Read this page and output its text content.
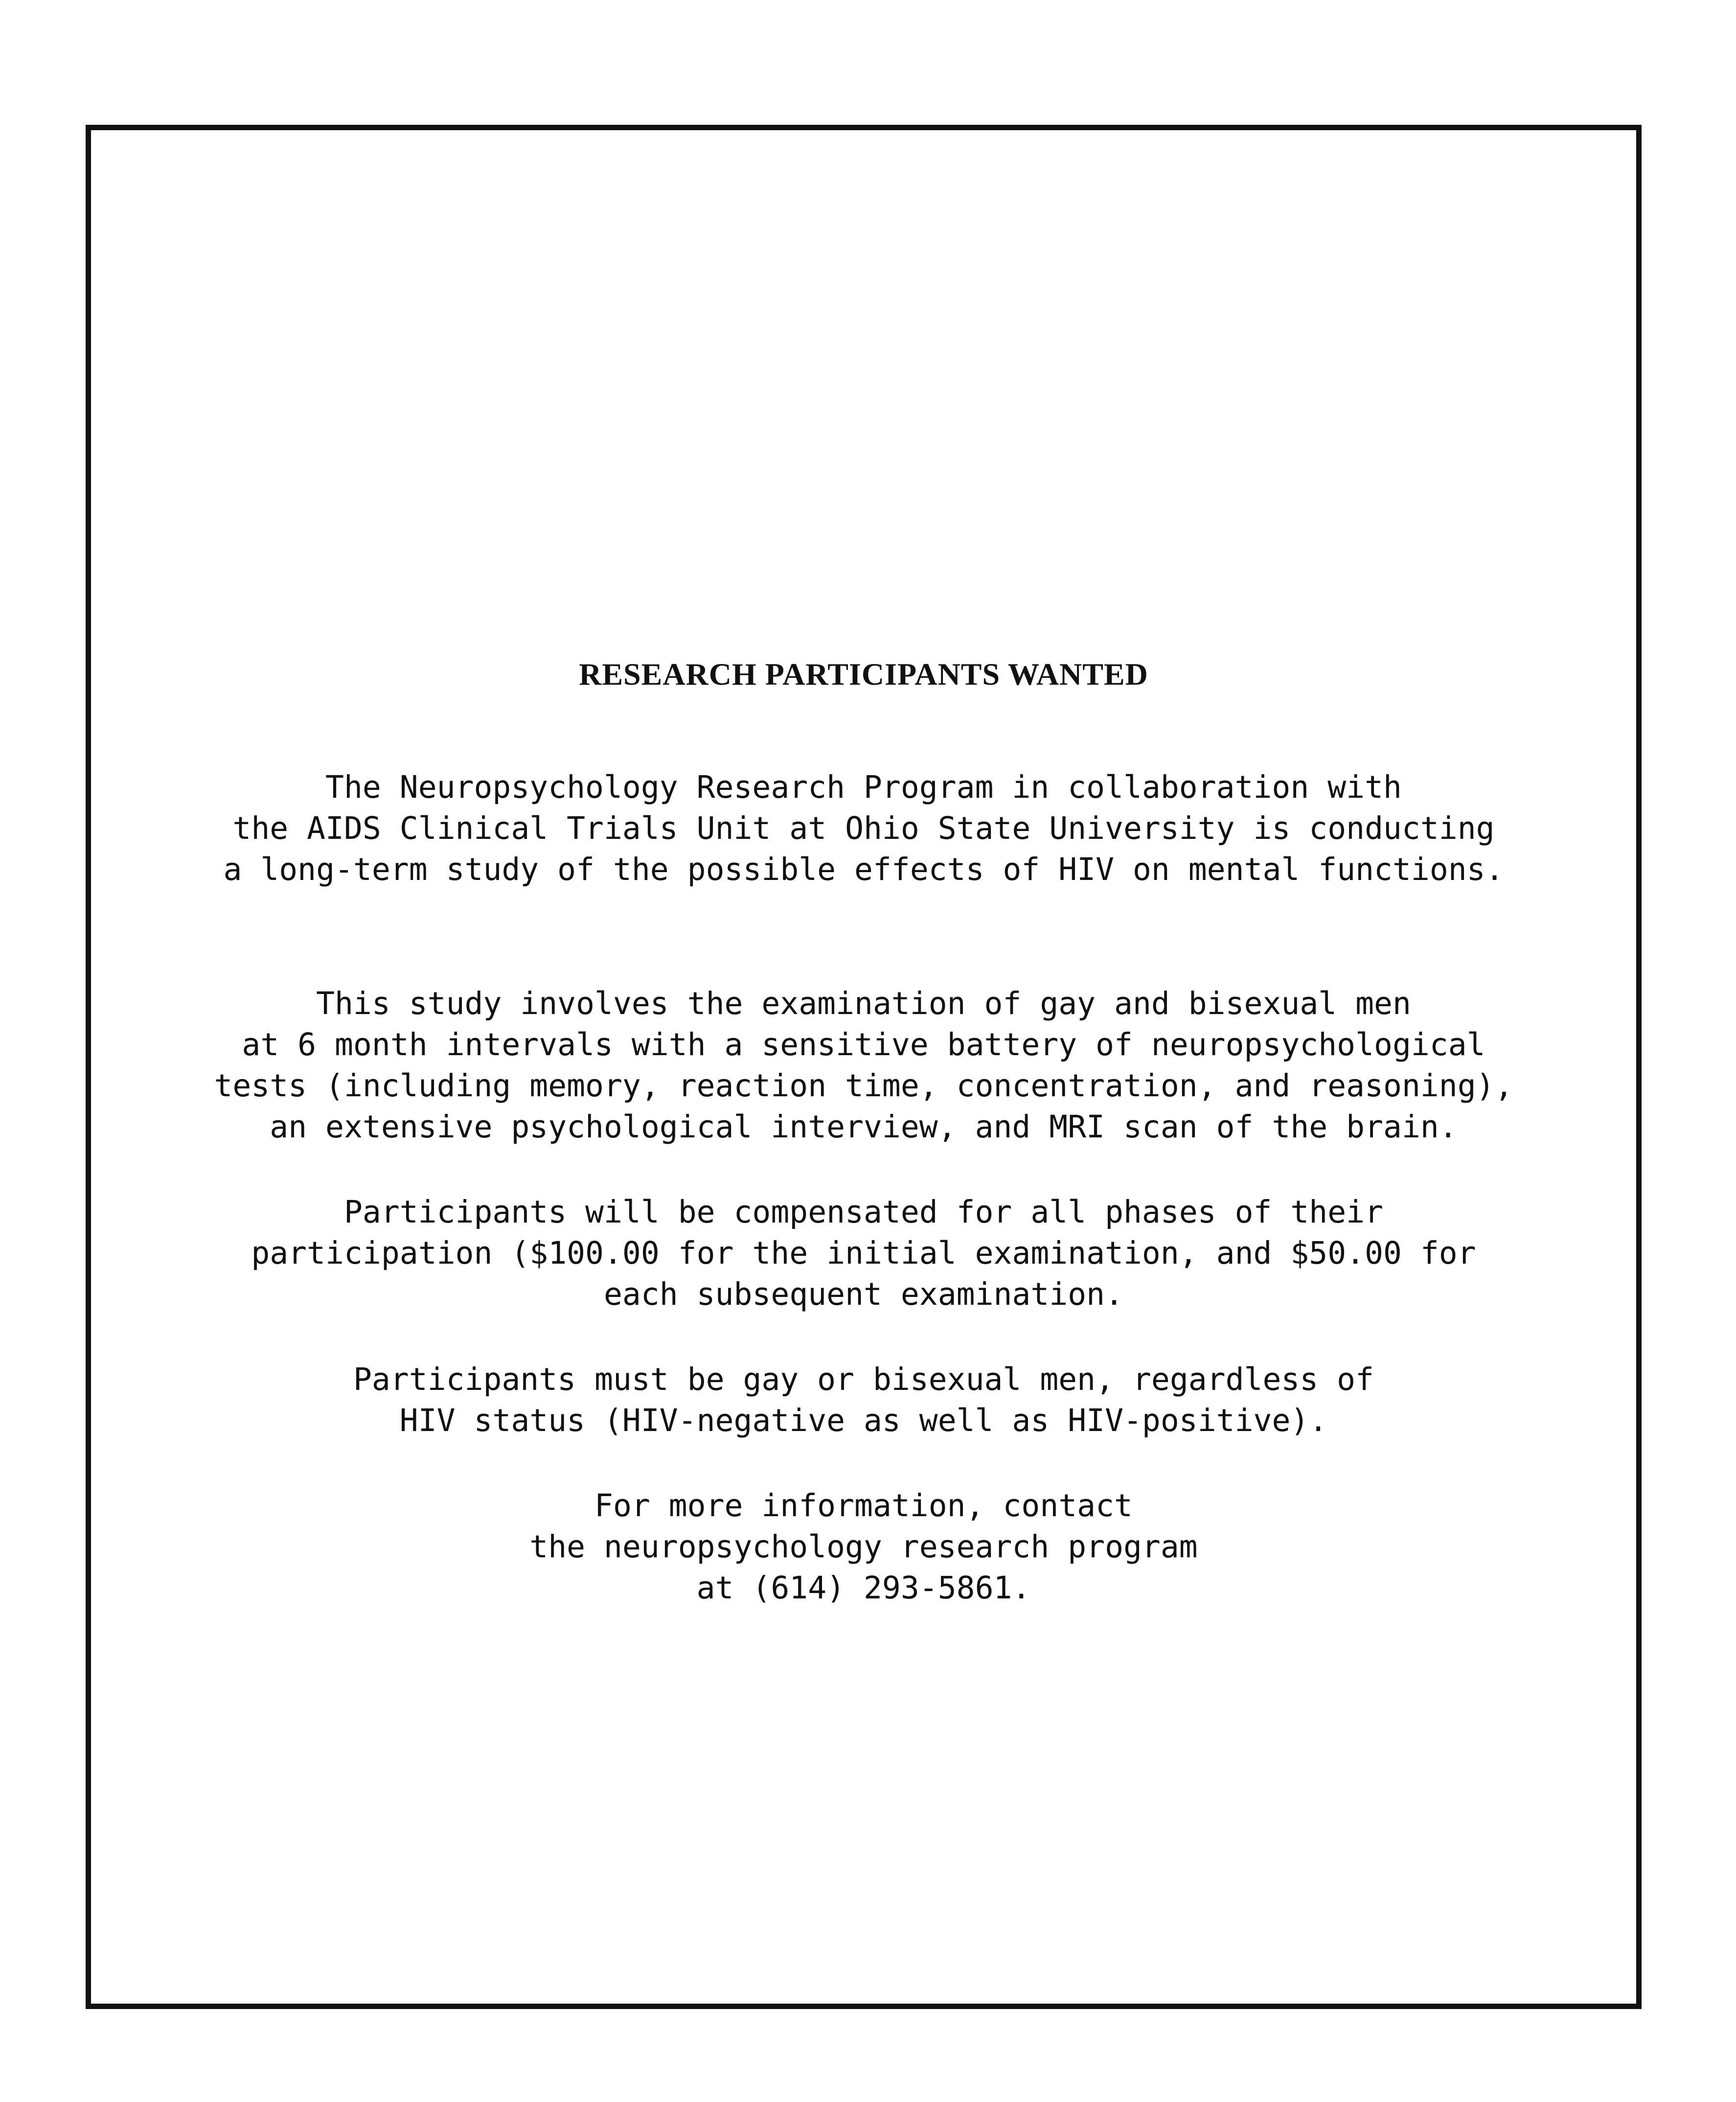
RESEARCH PARTICIPANTS WANTED

The Neuropsychology Research Program in collaboration with
the AIDS Clinical Trials Unit at Ohio State University is conducting
a long-term study of the possible effects of HIV on mental functions.

This study involves the examination of gay and bisexual men
at 6 month intervals with a sensitive battery of neuropsychological
tests (including memory, reaction time, concentration, and reasoning),
an extensive psychological interview, and MRI scan of the brain.

Participants will be compensated for all phases of their
participation ($100.00 for the initial examination, and $50.00 for
each subsequent examination.

Participants must be gay or bisexual men, regardless of
HIV status (HIV-negative as well as HIV-positive).

For more information, contact
the neuropsychology research program
at (614) 293-5861.
